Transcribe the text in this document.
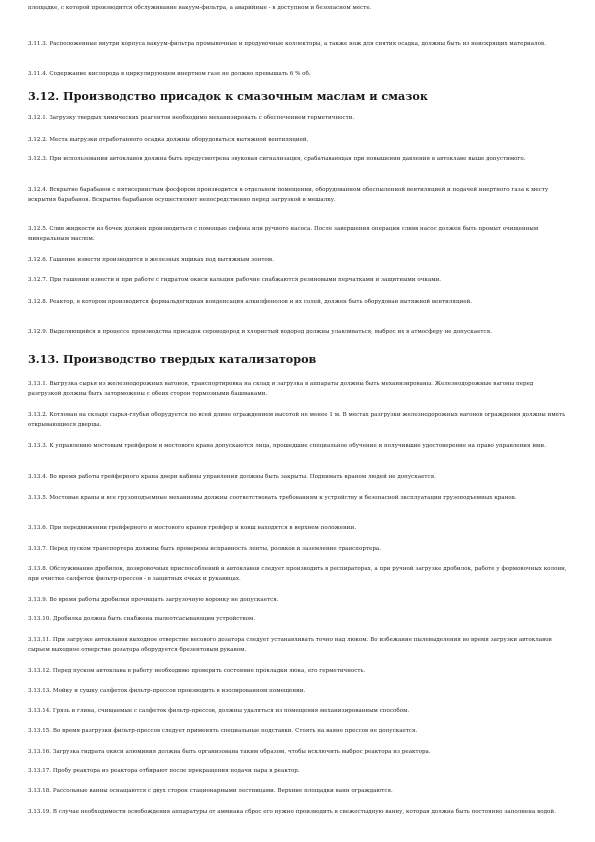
площадке, с которой производится обслуживание вакуум-фильтра, а аварийные - в доступном и безопасном месте.

3.11.3. Расположенные внутри корпуса вакуум-фильтра промывочные и продувочные коллекторы, а также нож для снятия осадка, должны быть из неискрящих материалов.

3.11.4. Содержание кислорода в циркулирующем инертном газе не должно превышать 6 % об.

3.12. Производство присадок к смазочным маслам и смазок

3.12.1. Загрузку твердых химических реагентов необходимо механизировать с обеспечением герметичности.

3.12.2. Места выгрузки отработанного осадка должны оборудоваться вытяжной вентиляцией.

3.12.3. При использовании автоклавов должна быть предусмотрена звуковая сигнализация, срабатывающая при повышении давления в автоклаве выше допустимого.

3.12.4. Вскрытие барабанов с пятисернистым фосфором производится в отдельном помещении, оборудованном обеспыленной вентиляцией и подачей инертного газа к месту вскрытия барабанов. Вскрытие барабанов осуществляют непосредственно перед загрузкой в мешалку.

3.12.5. Слив жидкости из бочек должен производиться с помощью сифона или ручного насоса. После завершения операции сливв насос должен быть промыт очищенным минеральным маслом.

3.12.6. Гашение извести производится в железных ящиках под вытяжным зонтом.

3.12.7. При гашении извести и при работе с гидратом окиси кальция рабочие снабжаются резиновыми перчатками и защитными очками.

3.12.8. Реактор, в котором производится формальдегидная конденсация алкилфенолов и их солей, должен быть оборудован вытяжной вентиляцией.

3.12.9. Выделяющийся в процессе производства присадок сероводород и хлористый водород должны улавливаться, выброс их в атмосферу не допускается.

3.13. Производство твердых катализаторов

3.13.1. Выгрузка сырья из железнодорожных вагонов, транспортировка на склад и загрузка в аппараты должны быть механизированы. Железнодорожные вагоны перед разгрузкой должны быть заторможены с обеих сторон тормозными башмаками.

3.13.2. Котлован на складе сырья-глубьи оборудуется по всей длине ограждением высотой не менее 1 м. В местах разгрузки железнодорожных вагонов ограждения должны иметь открывающиеся дверцы.

3.13.3. К управлению мостовым грейфером и мостового крана допускаются лица, прошедшие специальное обучение и получившие удостоверение на право управления ими.

3.13.4. Во время работы грейферного крана двери кабины управления должны быть закрыты. Поднимать краном людей не допускается.

3.13.5. Мостовые краны и все грузоподъемные механизмы должны соответствовать требованиям к устройству и безопасной эксплуатации грузоподъемных кранов.

3.13.6. При передвижении грейферного и мостового кранов грейфер и ковш находятся в верхнем положении.

3.13.7. Перед пуском транспортера должны быть проверены исправность ленты, роликов и заземление транспортера.

3.13.8. Обслуживание дробилок, дозировочных приспособлений и автоклавов следует производить в респираторах, а при ручной загрузке дробилок, работе у формовочных колонн, при очистке салфеток фильтр-прессов - в защитных очках и рукавицах.

3.13.9. Во время работы дробилки прочищать загрузочную воронку не допускается.

3.13.10. Дробилка должна быть снабжена пылеотсасывающим устройством.

3.13.11. При загрузке автоклавов выходное отверстие весового дозатора следует устанавливать точно над люком. Во избежание пылевыделения во время загрузки автоклавов сырьем выходное отверстие дозатора оборудуется брезентовым рукавом.

3.13.12. Перед пуском автоклава в работу необходимо проверить состояние прокладки люка, его герметичность.

3.13.13. Мойку и сушку салфеток фильтр-прессов производить в изолированном помещении.

3.13.14. Грязь и глина, счищаемые с салфеток фильтр-прессов, должны удаляться из помещения механизированным способом.

3.13.15. Во время разгрузки фильтр-прессов следует применять специальные подставки. Стоять на ваяне прессов не допускается.

3.13.16. Загрузка гидрата окиси алюминия должна быть организована таким образом, чтобы исключить выброс реактора из реактора.

3.13.17. Пробу реактора из реактора отбирают после прекращения подачи пара в реактор.

3.13.18. Рассольные ванны оснащаются с двух сторон стационарными лестницами. Верхние площадки ванн ограждаются.

3.13.19. В случае необходимости освобождения аппаратуры от аммиака сброс его нужно производить в свежестыдную ванну, которая должна быть постоянно заполнена водой.
